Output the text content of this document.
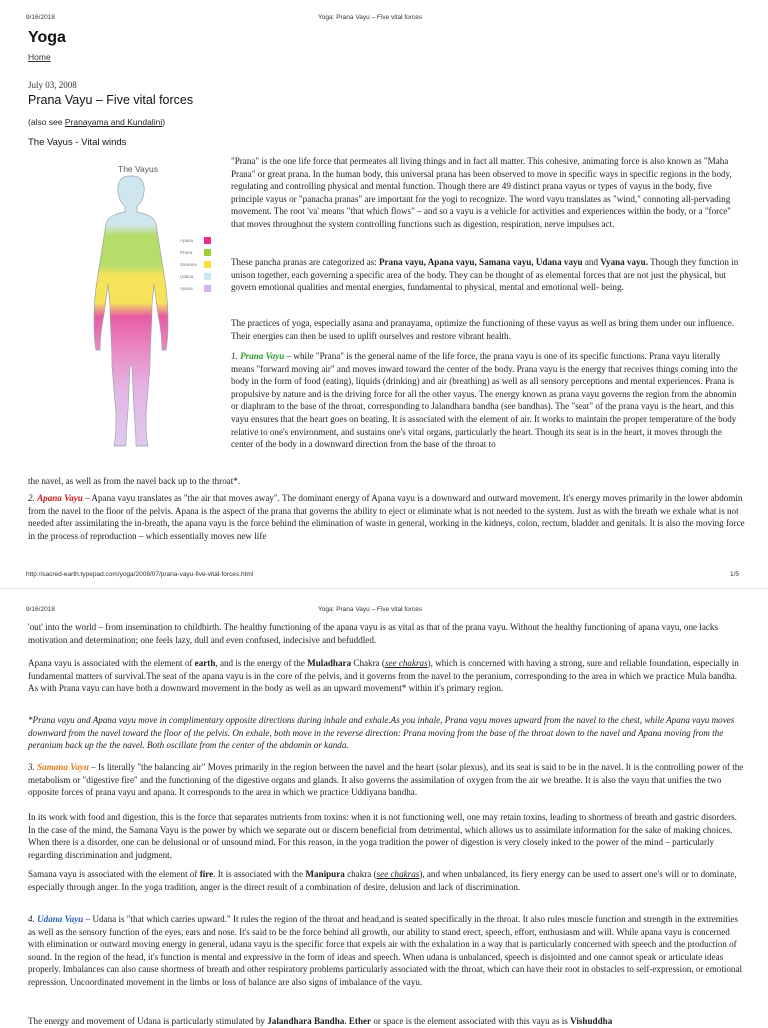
9/16/2018	Yoga: Prana Vayu – Five vital forces
Yoga
Home
July 03, 2008
Prana Vayu – Five vital forces
(also see Pranayama and Kundalini)
The Vayus - Vital winds
The Vayus
Apana
Prana
Samana
Udana
Vyana

"Prana" is the one life force that permeates all living things and in fact all matter. This cohesive, animating force is also known as "Maha Prana" or great prana. In the human body, this universal prana has been observed to move in specific ways in specific regions in the body, regulating and controlling physical and mental function. Though there are 49 distinct prana vayus or types of vayus in the body, five principle vayus or "panacha pranas" are important for the yogi to recognize. The word vayu translates as "wind," connoting all-pervading movement. The root 'va' means "that which flows" – and so a vayu is a vehicle for activities and experiences within the body, or a "force" that moves throughout the system controlling functions such as digestion, respiration, nerve impulses act.

These pancha pranas are categorized as: Prana vayu, Apana vayu, Samana vayu, Udana vayu and Vyana vayu. Though they function in unison together, each governing a specific area of the body. They can be thought of as elemental forces that are not just the physical, but govern emotional qualities and mental energies, fundamental to physical, mental and emotional well- being.

The practices of yoga, especially asana and pranayama, optimize the functioning of these vayus as well as bring them under our influence. Their energies can then be used to uplift ourselves and restore vibrant health.

1. Prana Vayu – while "Prana" is the general name of the life force, the prana vayu is one of its specific functions. Prana vayu literally means "forward moving air" and moves inward toward the center of the body. Prana vayu is the energy that receives things coming into the body in the form of food (eating), liquids (drinking) and air (breathing) as well as all sensory perceptions and mental experiences. Prana is propulsive by nature and is the driving force for all the other vayus. The energy known as prana vayu governs the region from the abnomin or diaphram to the base of the throat, corresponding to Jalandhara bandha (see bandhas). The "seat" of the prana vayu is the heart, and this vayu ensures that the heart goes on beating. It is associated with the element of air. It works to maintain the proper temperature of the body relative to one's environment, and sustains one's vital organs, particularly the heart. Though its seat is in the heart, it moves through the center of the body in a downward direction from the base of the throat to

the navel, as well as from the navel back up to the throat*.

2. Apana Vayu – Apana vayu translates as "the air that moves away". The dominant energy of Apana vayu is a downward and outward movement. It's energy moves primarily in the lower abdomin from the navel to the floor of the pelvis. Apana is the aspect of the prana that governs the ability to eject or eliminate what is not needed to the system. Just as with the breath we exhale what is not needed after assimilating the in-breath, the apana vayu is the force behind the elimination of waste in general, working in the kidneys, colon, rectum, bladder and genitals. It is also the moving force in the process of reproduction – which essentially moves new life

http://sacred-earth.typepad.com/yoga/2008/07/prana-vayu-five-vital-forces.html	1/5
9/16/2018	Yoga: Prana Vayu – Five vital forces

'out' into the world – from insemination to childbirth. The healthy functioning of the apana vayu is as vital as that of the prana vayu. Without the healthy functioning of apana vayu, one lacks motivation and determination; one feels lazy, dull and even confused, indecisive and befuddled.

Apana vayu is associated with the element of earth, and is the energy of the Muladhara Chakra (see chakras), which is concerned with having a strong, sure and reliable foundation, especially in fundamental matters of survival.The seat of the apana vayu is in the core of the pelvis, and it governs from the navel to the peranium, corresponding to the area in which we practice Mula bandha. As with Prana vayu can have both a downward movement in the body as well as an upward movement* within it's primary region.

*Prana vayu and Apana vayu move in complimentary opposite directions during inhale and exhale.As you inhale, Prana vayu moves upward from the navel to the chest, while Apana vayu moves downward from the navel toward the floor of the pelvis. On exhale, both move in the reverse direction: Prana moving from the base of the throat down to the navel and Apana moving from the peranium back up the the navel. Both oscillate from the center of the abdomin or kanda.

3. Samana Vayu – Is literally "the balancing air" Moves primarily in the region between the navel and the heart (solar plexus), and its seat is said to be in the navel. It is the controlling power of the metabolism or "digestive fire" and the functioning of the digestive organs and glands. It also governs the assimilation of oxygen from the air we breathe. It is also the vayu that unifies the two opposite forces of prana vayu and apana. It corresponds to the area in which we practice Uddiyana bandha.

In its work with food and digestion, this is the force that separates nutrients from toxins: when it is not functioning well, one may retain toxins, leading to shortness of breath and gastric disorders. In the case of the mind, the Samana Vayu is the power by which we separate out or discern beneficial from detrimental, which allows us to assimilate information for the sake of making choices. When there is a disorder, one can be delusional or of unsound mind. For this reason, in the yoga tradition the power of digestion is very closely inked to the power of the mind – particularly regarding discrimination and judgment.

Samana vayu is associated with the element of fire. It is associated with the Manipura chakra (see chakras), and when unbalanced, its fiery energy can be used to assert one's will or to dominate, especially through anger. In the yoga tradition, anger is the direct result of a combination of desire, delusion and lack of discrimination.

4. Udana Vayu – Udana is "that which carries upward." It rules the region of the throat and head,and is seated specifically in the throat. It also rules muscle function and strength in the extremities as well as the sensory function of the eyes, ears and nose. It's said to be the force behind all growth, our ability to stand erect, speech, effort, enthusiasm and will. While apana vayu is concerned with elimination or outward moving energy in general, udana vayu is the specific force that expels air with the exhalation in a way that is particularly concerned with speech and the production of sound. In the region of the head, it's function is mental and expressive in the form of ideas and speech. When udana is unbalanced, speech is disjointed and one cannot speak or articulate ideas properly. Imbalances can also cause shortness of breath and other respiratory problems particularly associated with the throat, which can have their root in obstacles to self-expression, or emotional repression. Uncoordinated movement in the limbs or loss of balance are also signs of imbalance of the vayu.

The energy and movement of Udana is particularly stimulated by Jalandhara Bandha. Ether or space is the element associated with this vayu as is Vishuddha
